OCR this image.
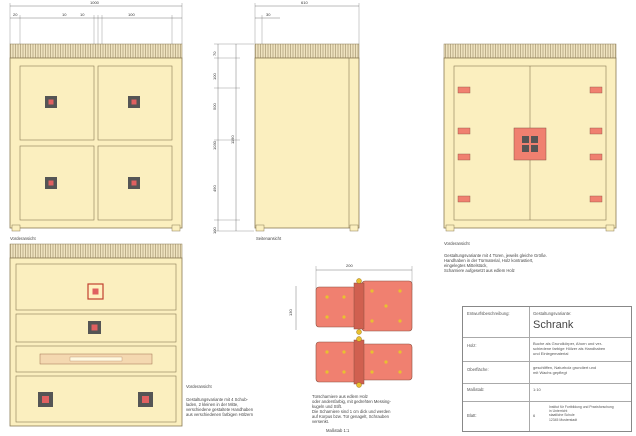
1000
20	10	10	100
610
30
70
100
500
1030
490
1190
100
200
130
Vorderansicht	Seitenansicht
Vorderansicht
Vorderansicht
Maßstab 1:1
Gestaltungsvariante mit 4 Türen, jeweils gleiche Größe.
Handhaben in der Türmaterial, Holz kontrastiert,
eingelegtes Mittelstück,
Scharniere aufgesetzt aus edlem Holz
Gestaltungsvariante mit 4 Schub-
laden, 2 kleinen in der Mitte,
verschiedene gestaltete Handhaben
aus verschiedenen farbigen Hölzern
Türscharniere aus edlem Holz
oder andersfarbig, mit gedrehten Messing-
kugeln und Stift.
Die Scharniere sind 1 cm dick und werden
auf Korpus bzw. Tür genagelt, Schrauben
versenkt.
Entwurfsbeschreibung:	Gestaltungsvariante:
Schrank
Holz:	Buche als Grundkörper, Ahorn und ver-
schiedene farbige Hölzer als Handhaben
und Einlegematerial
Oberfläche:	geschliffen, Naturholz grundiert und
mit Wachs gepflegt
Maßstab:	1:10
Blatt:	6
Institut für Fortbildung und Praxisforschung
in Unterricht
staatliche Schule
12345 Musterstadt
